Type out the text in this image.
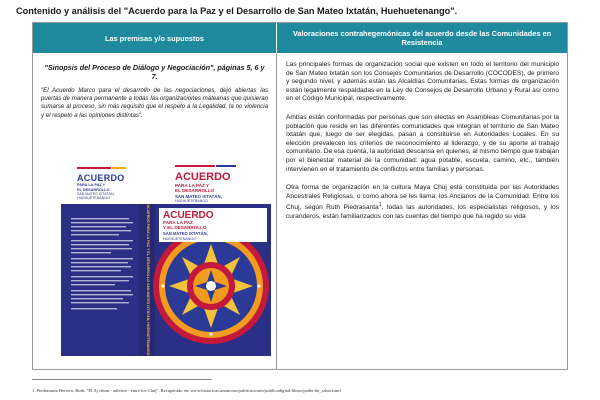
Contenido y análisis del "Acuerdo para la Paz y el Desarrollo de San Mateo Ixtatán, Huehuetenango".
Las premisas y/o supuestos	Valoraciones contrahegemónicas del acuerdo desde las Comunidades en Resistencia
"Sinopsis del Proceso de Diálogo y Negociación", páginas 5, 6 y 7.

"El Acuerdo Marco para el desarrollo de las negociaciones, dejó abiertas las puertas de manera permanente a todas las organizaciones mateanas que quisieran sumarse al proceso, sin más requisito que el respeto a la Legalidad, la no violencia y el respeto a las opiniones distintas".

ACUERDO
PARA LA PAZ Y
EL DESARROLLO
SAN MATEO IXTATÁN, HUEHUETENANGO
ACUERDO
PARA LA PAZ Y
EL DESARROLLO
SAN MATEO IXTATÁN,
HUEHUETENANGO
ACUERDO PARA LA PAZ Y EL DESARROLLO SAN MATEO IXTATÁN, HUEHUETENANGO ACUERDO
PARA LA PAZ
Y EL DESARROLLO
SAN MATEO IXTATÁN,
HUEHUETENANGO

Las principales formas de organización social que existen en todo el territorio del municipio de San Mateo Ixtatán son los Consejos Comunitarios de Desarrollo (COCODES), de primero y segundo nivel, y además están las Alcaldías Comunitarias. Estas formas de organización están legalmente respaldadas en la Ley de Consejos de Desarrollo Urbano y Rural así como en el Código Municipal, respectivamente.

Ambas están conformadas por personas que son electas en Asambleas Comunitarias por la población que reside en las diferentes comunidades que integran el territorio de San Mateo Ixtatán que, luego de ser elegidas, pasan a constituirse en Autoridades Locales. En su elección prevalecen los criterios de reconocimiento al liderazgo, y de su aporte al trabajo comunitario. De esa cuenta, la autoridad descansa en quienes, al mismo tiempo que trabajan por el bienestar material de la comunidad: agua potable, escuela, camino, etc., también intervienen en el tratamiento de conflictos entre familias y personas.

Otra forma de organización en la cultura Maya Chuj está constituida por las Autoridades Ancestrales Religiosas, o como ahora se les llama: los Ancianos de la Comunidad. Entre los Chuj, según Ruth Piedrasanta$^1$, todas las autoridades, los especialistas religiosos, y los curanderos, están familiarizados con las cuentas del tiempo que ha regido su vida

1. Piedrasanta Herrera, Ruth. "El Aj chum - adivino - entre los Chuj". Recuperado en: www.historicas.unam.mx/publicaciones/publicadigital/libros/poder/de_saber.html
